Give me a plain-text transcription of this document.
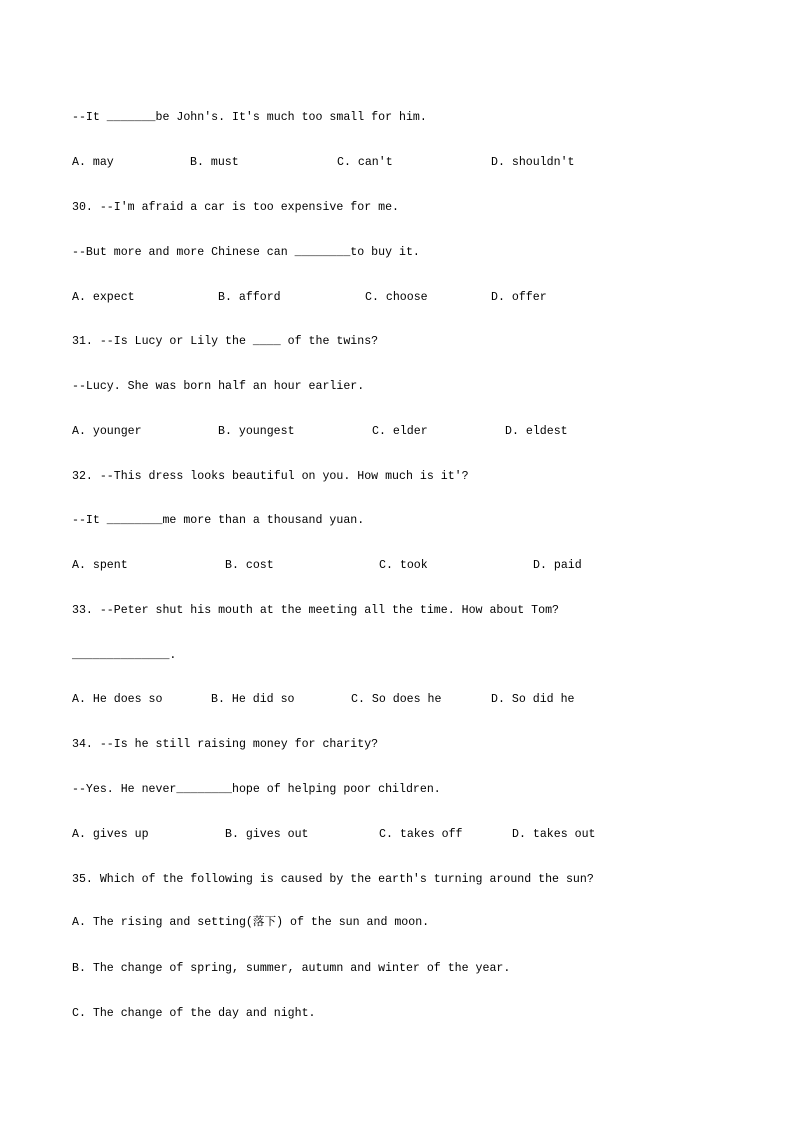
--It _______be John's. It's much too small for him.
A. may	B. must	C. can't	D. shouldn't
30. --I'm afraid a car is too expensive for me.
--But more and more Chinese can ________to buy it.
A. expect	B. afford	C. choose	D. offer
31. --Is Lucy or Lily the ____ of the twins?
--Lucy. She was born half an hour earlier.
A. younger	B. youngest	C. elder	D. eldest
32. --This dress looks beautiful on you. How much is it'?
--It ________me more than a thousand yuan.
A. spent	B. cost	C. took	D. paid
33. --Peter shut his mouth at the meeting all the time. How about Tom?
______________.
A. He does so	B. He did so	C. So does he	D. So did he
34. --Is he still raising money for charity?
--Yes. He never________hope of helping poor children.
A. gives up	B. gives out	C. takes off	D. takes out
35. Which of the following is caused by the earth's turning around the sun?
A. The rising and setting(落下) of the sun and moon.
B. The change of spring, summer, autumn and winter of the year.
C. The change of the day and night.
